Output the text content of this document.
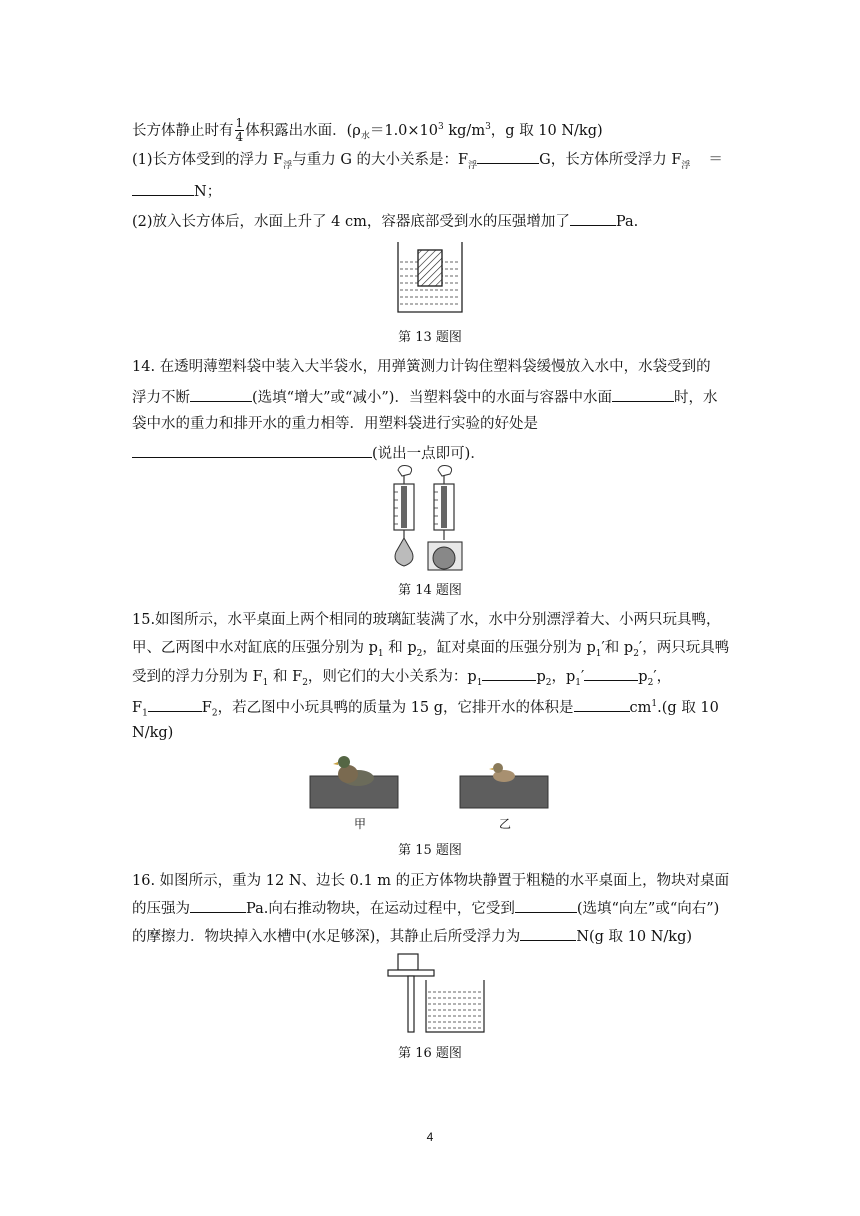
长方体静止时有 $\frac{1}{4}$ 体积露出水面．($\rho_水=1.0\times 10^3$ $kg/m^3$，g 取 10 N/kg)
(1)长方体受到的浮力 $F_浮$与重力 G 的大小关系是：$F_浮$	G，长方体所受浮力 $F_浮$ ＝
N；
(2)放入长方体后，水面上升了 4 cm，容器底部受到水的压强增加了	Pa.
第 13 题图
14. 在透明薄塑料袋中装入大半袋水，用弹簧测力计钩住塑料袋缓慢放入水中，水袋受到的
浮力不断	(选填“增大”或“减小”)．当塑料袋中的水面与容器中水面	时，水
袋中水的重力和排开水的重力相等．用塑料袋进行实验的好处是
(说出一点即可)．
第 14 题图
15.如图所示，水平桌面上两个相同的玻璃缸装满了水，水中分别漂浮着大、小两只玩具鸭，
甲、乙两图中水对缸底的压强分别为 $p_1$ 和 $p_2$，缸对桌面的压强分别为 $p_1'$和 $p_2'$，两只玩具鸭
受到的浮力分别为 $F_1$ 和 $F_2$，则它们的大小关系为：$p_1$	$p_2$，$p_1'$	$p_2'$，
$F_1$	$F_2$，若乙图中小玩具鸭的质量为 15 g，它排开水的体积是	$cm^1.(g$ 取 10
N/kg)
甲	乙
第 15 题图
16. 如图所示，重为 12 N、边长 0.1 m 的正方体物块静置于粗糙的水平桌面上，物块对桌面
的压强为	Pa.向右推动物块，在运动过程中，它受到	(选填“向左”或“向右”)
的摩擦力．物块掉入水槽中(水足够深)，其静止后所受浮力为	N(g 取 10 N/kg)
第 16 题图
4
